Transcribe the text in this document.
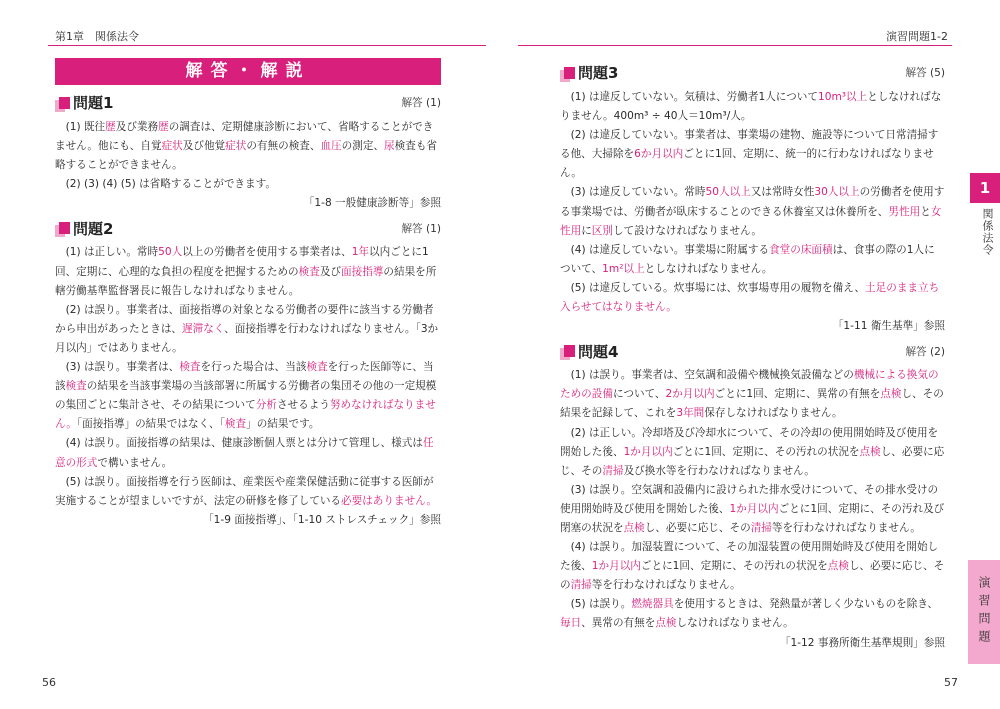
第1章　関係法令	演習問題1-2
解答・解説
問題1	解答 (1)

(1) 既往歴及び業務歴の調査は、定期健康診断において、省略することができません。他にも、自覚症状及び他覚症状の有無の検査、血圧の測定、尿検査も省略することができません。

(2) (3) (4) (5) は省略することができます。

「1-8 一般健康診断等」参照

問題2	解答 (1)

(1) は正しい。常時50人以上の労働者を使用する事業者は、1年以内ごとに1回、定期に、心理的な負担の程度を把握するための検査及び面接指導の結果を所轄労働基準監督署長に報告しなければなりません。

(2) は誤り。事業者は、面接指導の対象となる労働者の要件に該当する労働者から申出があったときは、遅滞なく、面接指導を行わなければなりません。「3か月以内」ではありません。

(3) は誤り。事業者は、検査を行った場合は、当該検査を行った医師等に、当該検査の結果を当該事業場の当該部署に所属する労働者の集団その他の一定規模の集団ごとに集計させ、その結果について分析させるよう努めなければなりません。「面接指導」の結果ではなく、「検査」の結果です。

(4) は誤り。面接指導の結果は、健康診断個人票とは分けて管理し、様式は任意の形式で構いません。

(5) は誤り。面接指導を行う医師は、産業医や産業保健活動に従事する医師が実施することが望ましいですが、法定の研修を修了している必要はありません。

「1-9 面接指導」、「1-10 ストレスチェック」参照

問題3	解答 (5)

(1) は違反していない。気積は、労働者1人について10m³以上としなければなりません。400m³ ÷ 40人＝10m³/人。

(2) は違反していない。事業者は、事業場の建物、施設等について日常清掃する他、大掃除を6か月以内ごとに1回、定期に、統一的に行わなければなりません。

(3) は違反していない。常時50人以上又は常時女性30人以上の労働者を使用する事業場では、労働者が臥床することのできる休養室又は休養所を、男性用と女性用に区別して設けなければなりません。

(4) は違反していない。事業場に附属する食堂の床面積は、食事の際の1人について、1m²以上としなければなりません。

(5) は違反している。炊事場には、炊事場専用の履物を備え、土足のまま立ち入らせてはなりません。

「1-11 衛生基準」参照

問題4	解答 (2)

(1) は誤り。事業者は、空気調和設備や機械換気設備などの機械による換気のための設備について、2か月以内ごとに1回、定期に、異常の有無を点検し、その結果を記録して、これを3年間保存しなければなりません。

(2) は正しい。冷却塔及び冷却水について、その冷却の使用開始時及び使用を開始した後、1か月以内ごとに1回、定期に、その汚れの状況を点検し、必要に応じ、その清掃及び換水等を行わなければなりません。

(3) は誤り。空気調和設備内に設けられた排水受けについて、その排水受けの使用開始時及び使用を開始した後、1か月以内ごとに1回、定期に、その汚れ及び閉塞の状況を点検し、必要に応じ、その清掃等を行わなければなりません。

(4) は誤り。加湿装置について、その加湿装置の使用開始時及び使用を開始した後、1か月以内ごとに1回、定期に、その汚れの状況を点検し、必要に応じ、その清掃等を行わなければなりません。

(5) は誤り。燃焼器具を使用するときは、発熱量が著しく少ないものを除き、毎日、異常の有無を点検しなければなりません。

「1-12 事務所衛生基準規則」参照

1
関係法令
演習問題
56	57
